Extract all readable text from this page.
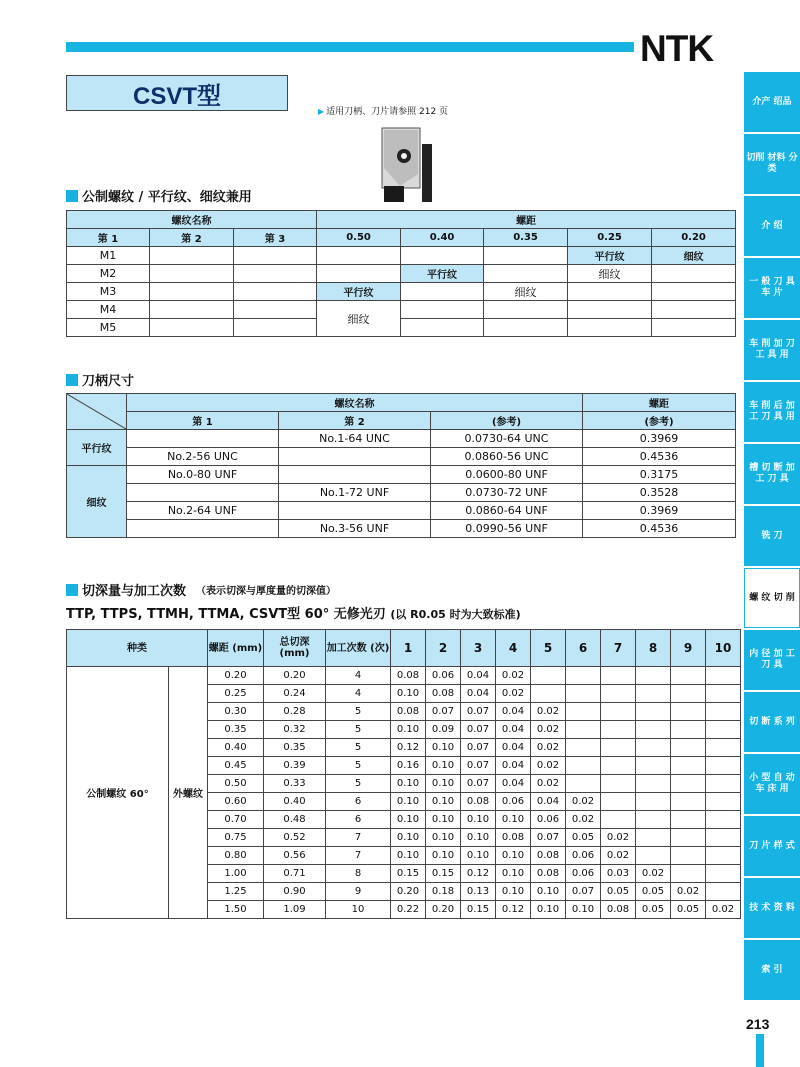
NTK
CSVT型
▶ 适用刀柄、刀片请参照 212 页
公制螺纹 / 平行纹、细纹兼用
螺纹名称			螺距				
第 1	第 2	第 3	0.50	0.40	0.35	0.25	0.20
M1						平行纹	细纹
M2				平行纹		细纹	
M3			平行纹		细纹		
M4			细纹				
M5							
刀柄尺寸
	螺纹名称			螺距
	第 1	第 2	(参考)	(参考)
平行纹		No.1-64 UNC	0.0730-64 UNC	0.3969
	No.2-56 UNC		0.0860-56 UNC	0.4536
细纹	No.0-80 UNF		0.0600-80 UNF	0.3175
		No.1-72 UNF	0.0730-72 UNF	0.3528
	No.2-64 UNF		0.0860-64 UNF	0.3969
		No.3-56 UNF	0.0990-56 UNF	0.4536
切深量与加工次数 （表示切深与厚度量的切深值）
TTP, TTPS, TTMH, TTMA, CSVT型 60° 无修光刃 (以 R0.05 时为大致标准)
种类		螺距 (mm)	总切深 (mm)	加工次数 (次)	1	2	3	4	5	6	7	8	9	10
公制螺纹 60°	外螺纹	0.20	0.20	4	0.08	0.06	0.04	0.02						
		0.25	0.24	4	0.10	0.08	0.04	0.02						
		0.30	0.28	5	0.08	0.07	0.07	0.04	0.02					
		0.35	0.32	5	0.10	0.09	0.07	0.04	0.02					
		0.40	0.35	5	0.12	0.10	0.07	0.04	0.02					
		0.45	0.39	5	0.16	0.10	0.07	0.04	0.02					
		0.50	0.33	5	0.10	0.10	0.07	0.04	0.02					
		0.60	0.40	6	0.10	0.10	0.08	0.06	0.04	0.02				
		0.70	0.48	6	0.10	0.10	0.10	0.10	0.06	0.02				
		0.75	0.52	7	0.10	0.10	0.10	0.08	0.07	0.05	0.02			
		0.80	0.56	7	0.10	0.10	0.10	0.10	0.08	0.06	0.02			
		1.00	0.71	8	0.15	0.15	0.12	0.10	0.08	0.06	0.03	0.02		
		1.25	0.90	9	0.20	0.18	0.13	0.10	0.10	0.07	0.05	0.05	0.02	
		1.50	1.09	10	0.22	0.20	0.15	0.12	0.10	0.10	0.08	0.05	0.05	0.02
介产 绍品
切削 材料 分类
介 绍
一 般 刀 具 车 片
车 削 加 刀 工 具 用
车 削 后 加 工 刀 具 用
槽 切 断 加 工 刀 具
铣 刀
螺 纹 切 削
内 径 加 工 刀 具
切 断 系 列
小 型 自 动 车 床 用
刀 片 样 式
技 术 资 料
索 引
213
